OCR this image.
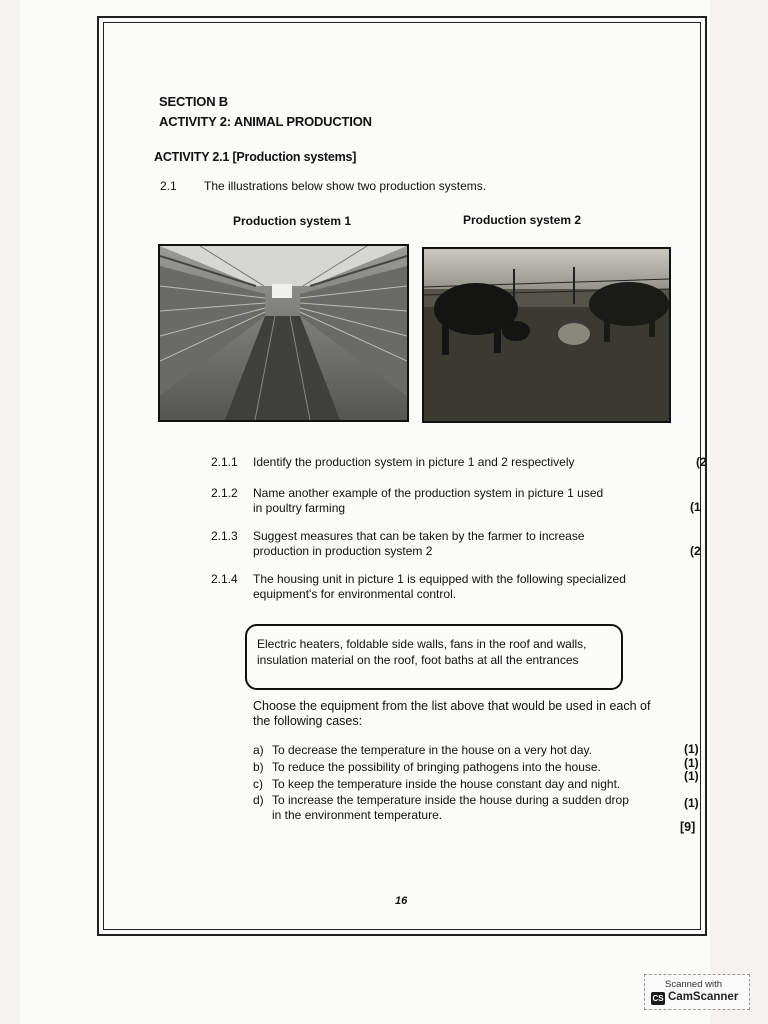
SECTION B
ACTIVITY 2: ANIMAL PRODUCTION
ACTIVITY 2.1 [Production systems]
2.1 The illustrations below show two production systems.
Production system 1	Production system 2
2.1.1 Identify the production system in picture 1 and 2 respectively	(2
2.1.2 Name another example of the production system in picture 1 used
in poultry farming	(1
2.1.3 Suggest measures that can be taken by the farmer to increase
production in production system 2	(2
2.1.4 The housing unit in picture 1 is equipped with the following specialized
equipment's for environmental control.
Electric heaters, foldable side walls, fans in the roof and walls,
insulation material on the roof, foot baths at all the entrances
Choose the equipment from the list above that would be used in each of
the following cases:
a) To decrease the temperature in the house on a very hot day.	(1)
b) To reduce the possibility of bringing pathogens into the house.	(1)
c) To keep the temperature inside the house constant day and night.
(1)
d) To increase the temperature inside the house during a sudden drop
in the environment temperature.
(1)
[9]
16
Scanned with
CS CamScanner
